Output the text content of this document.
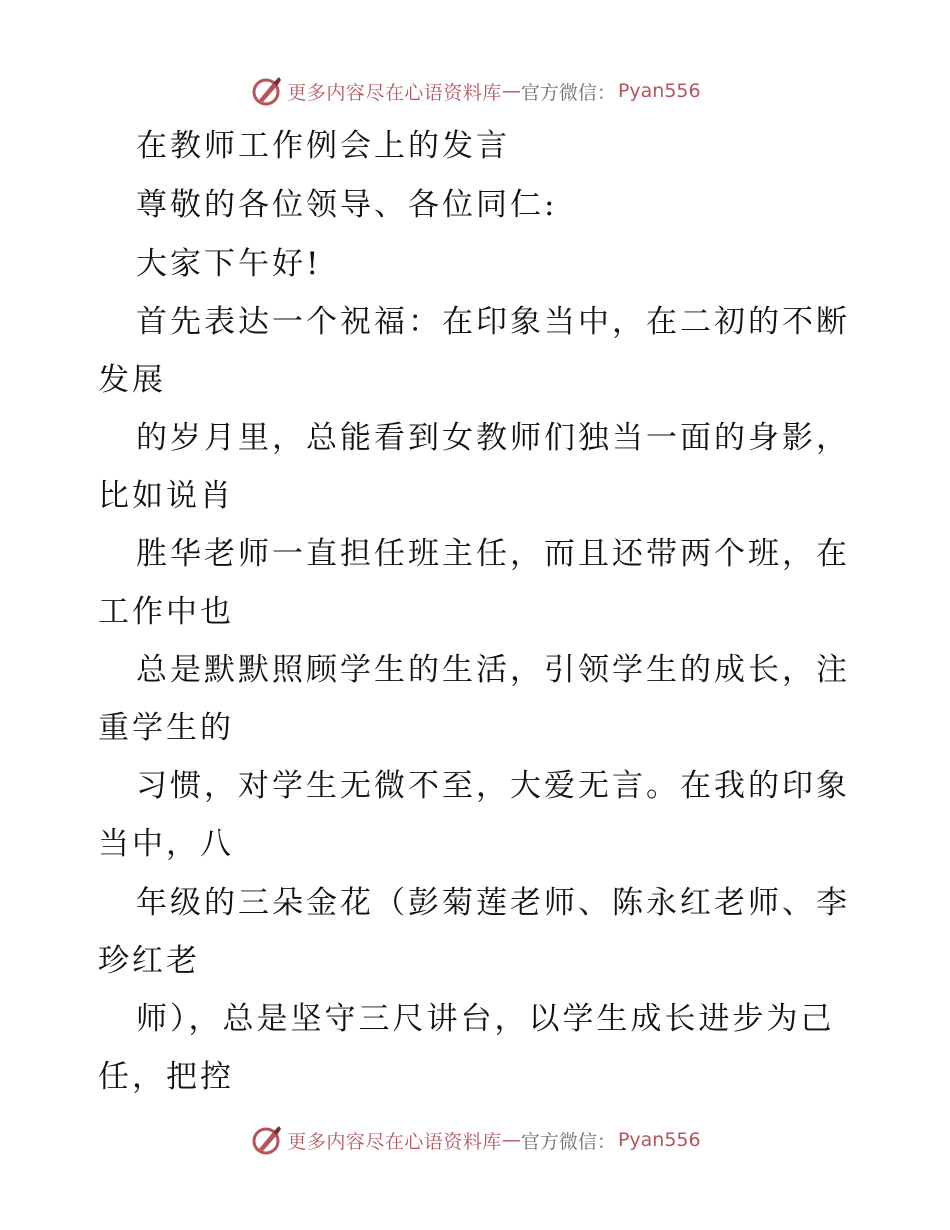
更多内容尽在心语资料库 — 官方微信： Pyan556
在教师工作例会上的发言
尊敬的各位领导、各位同仁:
大家下午好!
首先表达一个祝福：在印象当中，在二初的不断
发展
的岁月里，总能看到女教师们独当一面的身影，
比如说肖
胜华老师一直担任班主任，而且还带两个班，在
工作中也
总是默默照顾学生的生活，引领学生的成长，注
重学生的
习惯，对学生无微不至，大爱无言。在我的印象
当中，八
年级的三朵金花（彭菊莲老师、陈永红老师、李
珍红老
师），总是坚守三尺讲台，以学生成长进步为己
任，把控
更多内容尽在心语资料库 — 官方微信： Pyan556
